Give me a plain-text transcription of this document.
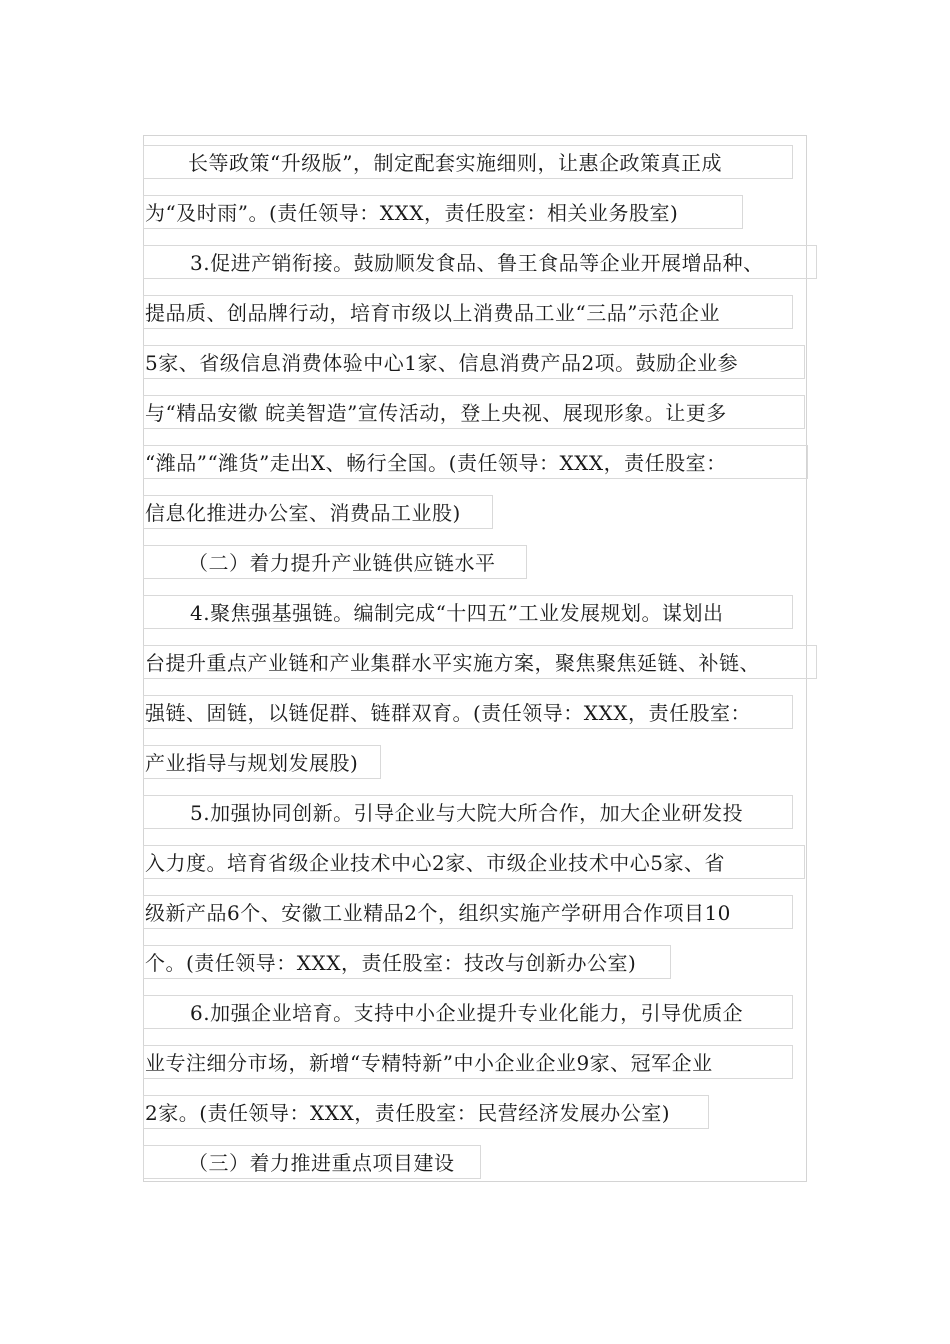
长等政策“升级版”，制定配套实施细则，让惠企政策真正成
为“及时雨”。(责任领导：XXX，责任股室：相关业务股室)
3.促进产销衔接。鼓励顺发食品、鲁王食品等企业开展增品种、
提品质、创品牌行动，培育市级以上消费品工业“三品”示范企业
5家、省级信息消费体验中心1家、信息消费产品2项。鼓励企业参
与“精品安徽 皖美智造”宣传活动，登上央视、展现形象。让更多
“潍品”“潍货”走出X、畅行全国。(责任领导：XXX，责任股室：
信息化推进办公室、消费品工业股)
（二）着力提升产业链供应链水平
4.聚焦强基强链。编制完成“十四五”工业发展规划。谋划出
台提升重点产业链和产业集群水平实施方案，聚焦聚焦延链、补链、
强链、固链，以链促群、链群双育。(责任领导：XXX，责任股室：
产业指导与规划发展股)
5.加强协同创新。引导企业与大院大所合作，加大企业研发投
入力度。培育省级企业技术中心2家、市级企业技术中心5家、省
级新产品6个、安徽工业精品2个，组织实施产学研用合作项目10
个。(责任领导：XXX，责任股室：技改与创新办公室)
6.加强企业培育。支持中小企业提升专业化能力，引导优质企
业专注细分市场，新增“专精特新”中小企业企业9家、冠军企业
2家。(责任领导：XXX，责任股室：民营经济发展办公室)
（三）着力推进重点项目建设
